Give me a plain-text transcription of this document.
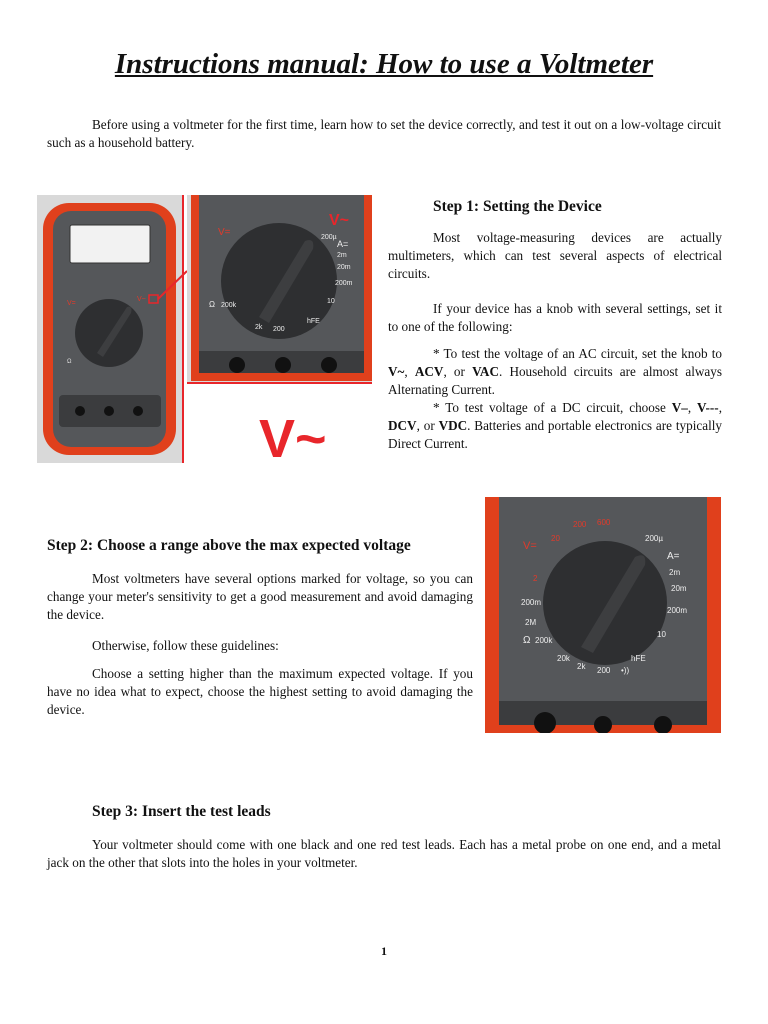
Instructions manual: How to use a Voltmeter
Before using a voltmeter for the first time, learn how to set the device correctly, and test it out on a low-voltage circuit such as a household battery.
V=
V~
Ω
V=
V~
A=
200µ
2m
20m
200m
10
hFE
200
2k
Ω 200k
V~
Step 1: Setting the Device
Most voltage-measuring devices are actually multimeters, which can test several aspects of electrical circuits.
If your device has a knob with several settings, set it to one of the following:
* To test the voltage of an AC circuit, set the knob to V~, ACV, or VAC. Household circuits are almost always Alternating Current.
* To test voltage of a DC circuit, choose V–, V---, DCV, or VDC. Batteries and portable electronics are typically Direct Current.
Step 2: Choose a range above the max expected voltage
Most voltmeters have several options marked for voltage, so you can change your meter's sensitivity to get a good measurement and avoid damaging the device.
Otherwise, follow these guidelines:
Choose a setting higher than the maximum expected voltage. If you have no idea what to expect, choose the highest setting to avoid damaging the device.
V=
2
20
200 600
200µ
A=
2m
20m
200m
10
hFE
•))
200
2k
20k
Ω 200k
2M
200m
Step 3: Insert the test leads
Your voltmeter should come with one black and one red test leads. Each has a metal probe on one end, and a metal jack on the other that slots into the holes in your voltmeter.
1
